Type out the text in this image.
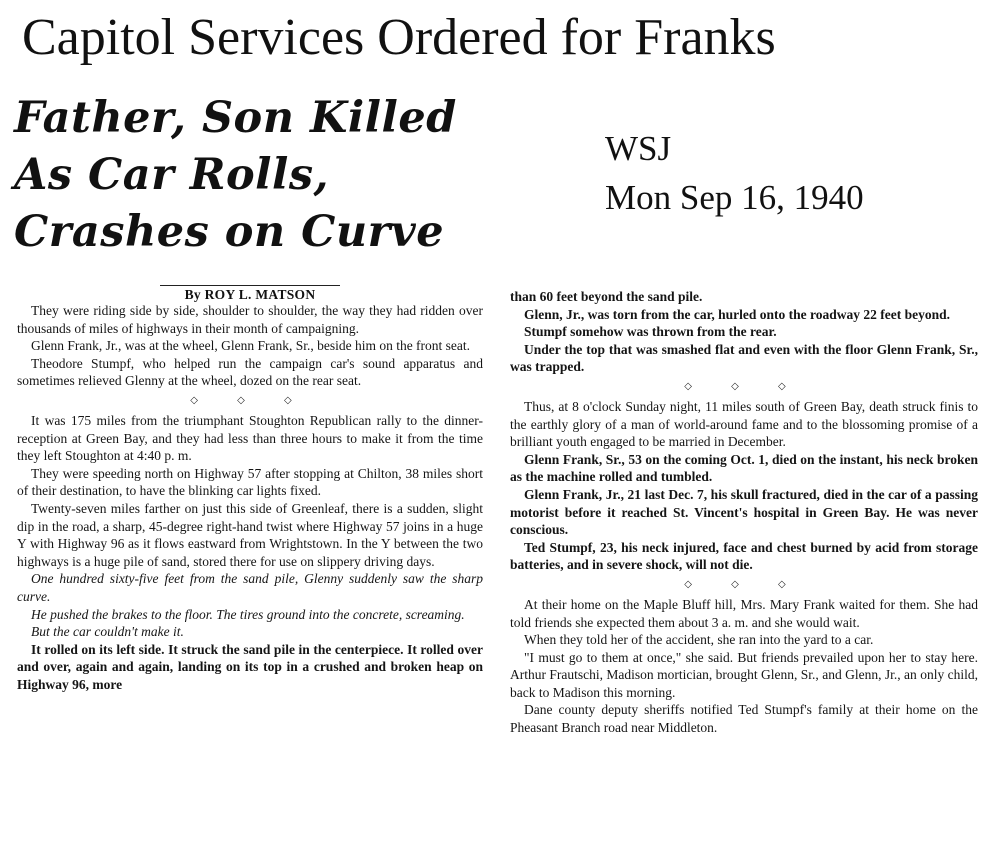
Capitol Services Ordered for Franks
Father, Son Killed
As Car Rolls,
Crashes on Curve
WSJ
Mon Sep 16, 1940
By ROY L. MATSON

They were riding side by side, shoulder to shoulder, the way they had ridden over thousands of miles of highways in their month of campaigning.

Glenn Frank, Jr., was at the wheel, Glenn Frank, Sr., beside him on the front seat.

Theodore Stumpf, who helped run the campaign car's sound apparatus and sometimes relieved Glenny at the wheel, dozed on the rear seat.

◇ ◇ ◇

It was 175 miles from the triumphant Stoughton Republican rally to the dinner-reception at Green Bay, and they had less than three hours to make it from the time they left Stoughton at 4:40 p. m.

They were speeding north on Highway 57 after stopping at Chilton, 38 miles short of their destination, to have the blinking car lights fixed.

Twenty-seven miles farther on just this side of Greenleaf, there is a sudden, slight dip in the road, a sharp, 45-degree right-hand twist where Highway 57 joins in a huge Y with Highway 96 as it flows eastward from Wrightstown. In the Y between the two highways is a huge pile of sand, stored there for use on slippery driving days.

One hundred sixty-five feet from the sand pile, Glenny suddenly saw the sharp curve.

He pushed the brakes to the floor. The tires ground into the concrete, screaming.

But the car couldn't make it.

It rolled on its left side. It struck the sand pile in the centerpiece. It rolled over and over, again and again, landing on its top in a crushed and broken heap on Highway 96, more

than 60 feet beyond the sand pile.

Glenn, Jr., was torn from the car, hurled onto the roadway 22 feet beyond.

Stumpf somehow was thrown from the rear.

Under the top that was smashed flat and even with the floor Glenn Frank, Sr., was trapped.

◇ ◇ ◇

Thus, at 8 o'clock Sunday night, 11 miles south of Green Bay, death struck finis to the earthly glory of a man of world-around fame and to the blossoming promise of a brilliant youth engaged to be married in December.

Glenn Frank, Sr., 53 on the coming Oct. 1, died on the instant, his neck broken as the machine rolled and tumbled.

Glenn Frank, Jr., 21 last Dec. 7, his skull fractured, died in the car of a passing motorist before it reached St. Vincent's hospital in Green Bay. He was never conscious.

Ted Stumpf, 23, his neck injured, face and chest burned by acid from storage batteries, and in severe shock, will not die.

◇ ◇ ◇

At their home on the Maple Bluff hill, Mrs. Mary Frank waited for them. She had told friends she expected them about 3 a. m. and she would wait.

When they told her of the accident, she ran into the yard to a car.

"I must go to them at once," she said. But friends prevailed upon her to stay here. Arthur Frautschi, Madison mortician, brought Glenn, Sr., and Glenn, Jr., an only child, back to Madison this morning.

Dane county deputy sheriffs notified Ted Stumpf's family at their home on the Pheasant Branch road near Middleton.
